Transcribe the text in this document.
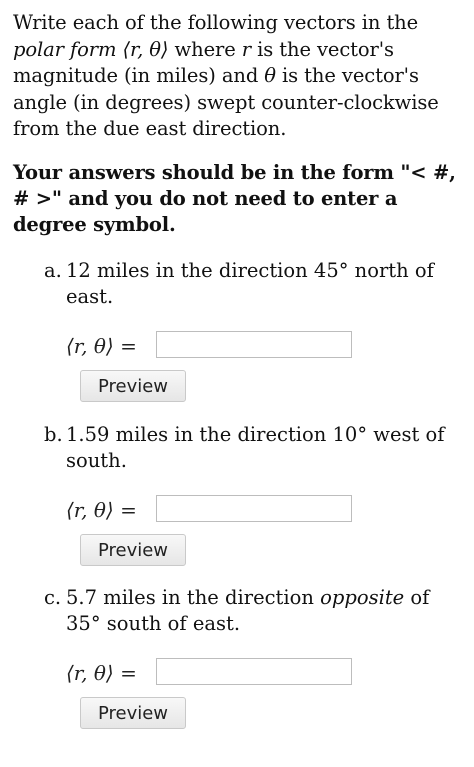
Write each of the following vectors in the
polar form ⟨r, θ⟩ where r is the vector's magnitude (in miles) and θ is the vector's angle (in degrees) swept counter-clockwise from the due east direction.
Your answers should be in the form "< #, # >" and you do not need to enter a degree symbol.
a. 12 miles in the direction 45° north of
east.
⟨r, θ⟩ =
Preview
b. 1.59 miles in the direction 10° west of
south.
⟨r, θ⟩ =
Preview
c. 5.7 miles in the direction opposite of
35° south of east.
⟨r, θ⟩ =
Preview
